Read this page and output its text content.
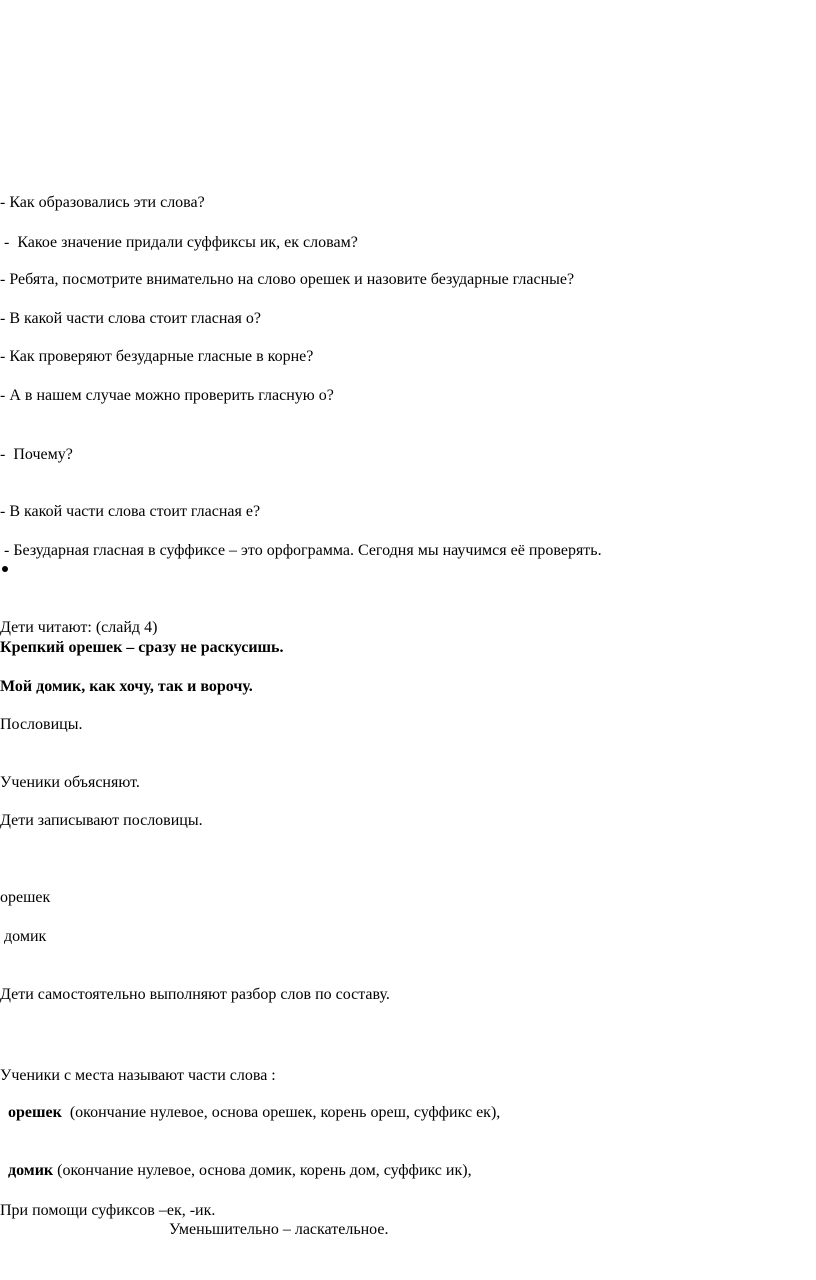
- Как образовались эти слова?
-  Какое значение придали суффиксы ик, ек словам?
- Ребята, посмотрите внимательно на слово орешек и назовите безударные гласные?
- В какой части слова стоит гласная о?
- Как проверяют безударные гласные в корне?
- А в нашем случае можно проверить гласную о?
-  Почему?
- В какой части слова стоит гласная е?
- Безударная гласная в суффиксе – это орфограмма. Сегодня мы научимся её проверять.
Дети читают: (слайд 4)
Крепкий орешек – сразу не раскусишь.
Мой домик, как хочу, так и ворочу.
Пословицы.
Ученики объясняют.
Дети записывают пословицы.
орешек
домик
Дети самостоятельно выполняют разбор слов по составу.
Ученики с места называют части слова :

орешек  (окончание нулевое, основа орешек, корень ореш, суффикс ек),

домик (окончание нулевое, основа домик, корень дом, суффикс ик),

При помощи суфиксов –ек, -ик.
Уменьшительно – ласкательное.
